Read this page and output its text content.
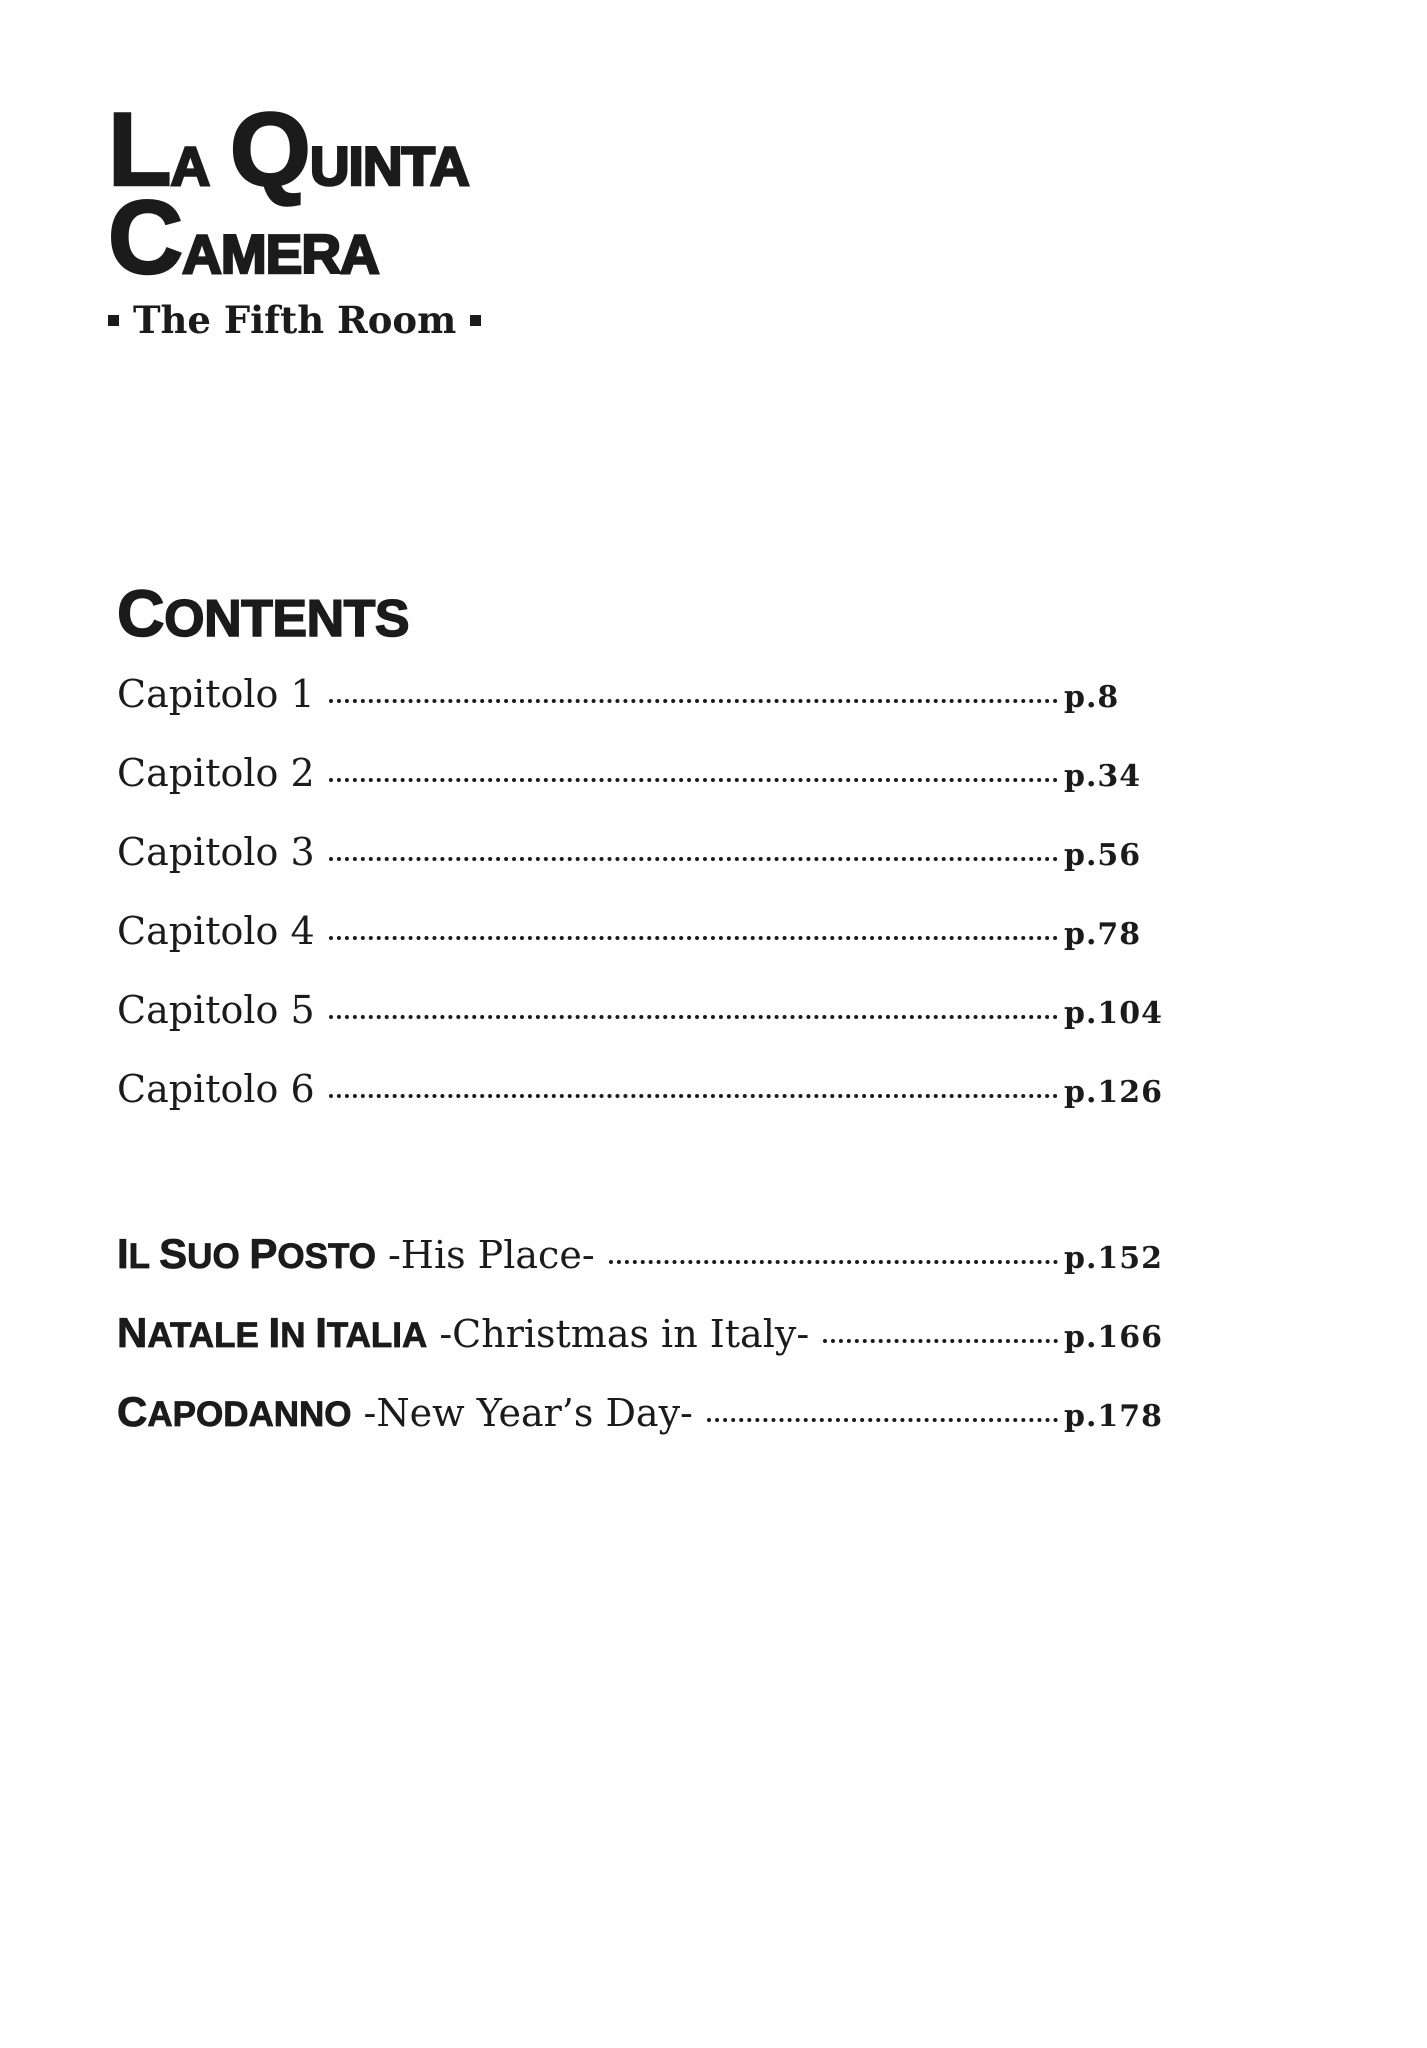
La Quinta
Camera
The Fifth Room
CONTENTS
Capitolo 1	p.8
Capitolo 2	p.34
Capitolo 3	p.56
Capitolo 4	p.78
Capitolo 5	p.104
Capitolo 6	p.126
IL SUO POSTO -His Place-	p.152
NATALE IN ITALIA -Christmas in Italy-	p.166
CAPODANNO -New Year’s Day-	p.178
